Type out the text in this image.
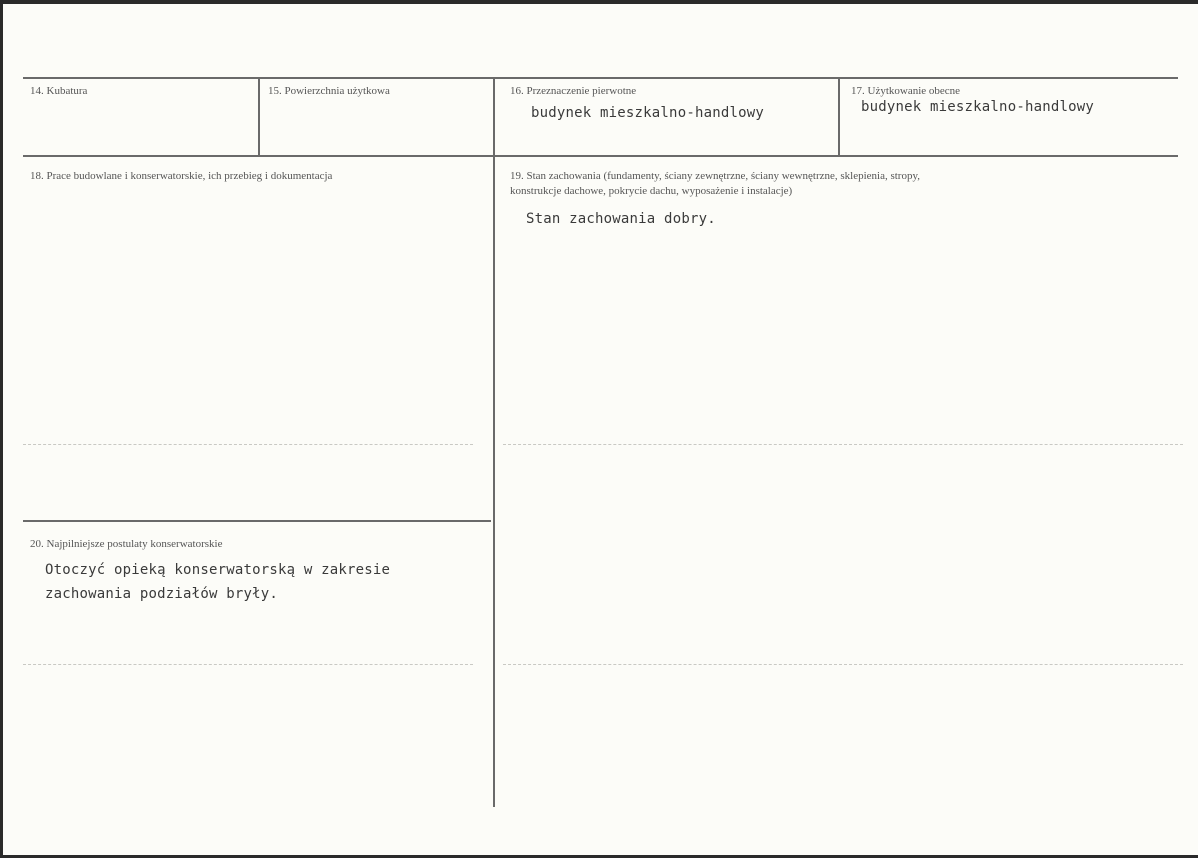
14. Kubatura	15. Powierzchnia użytkowa	16. Przeznaczenie pierwotne
budynek mieszkalno-handlowy
17. Użytkowanie obecne
budynek mieszkalno-handlowy
18. Prace budowlane i konserwatorskie, ich przebieg i dokumentacja	19. Stan zachowania (fundamenty, ściany zewnętrzne, ściany wewnętrzne, sklepienia, stropy,
konstrukcje dachowe, pokrycie dachu, wyposażenie i instalacje)
Stan zachowania dobry.
20. Najpilniejsze postulaty konserwatorskie
Otoczyć opieką konserwatorską w zakresie
zachowania podziałów bryły.
